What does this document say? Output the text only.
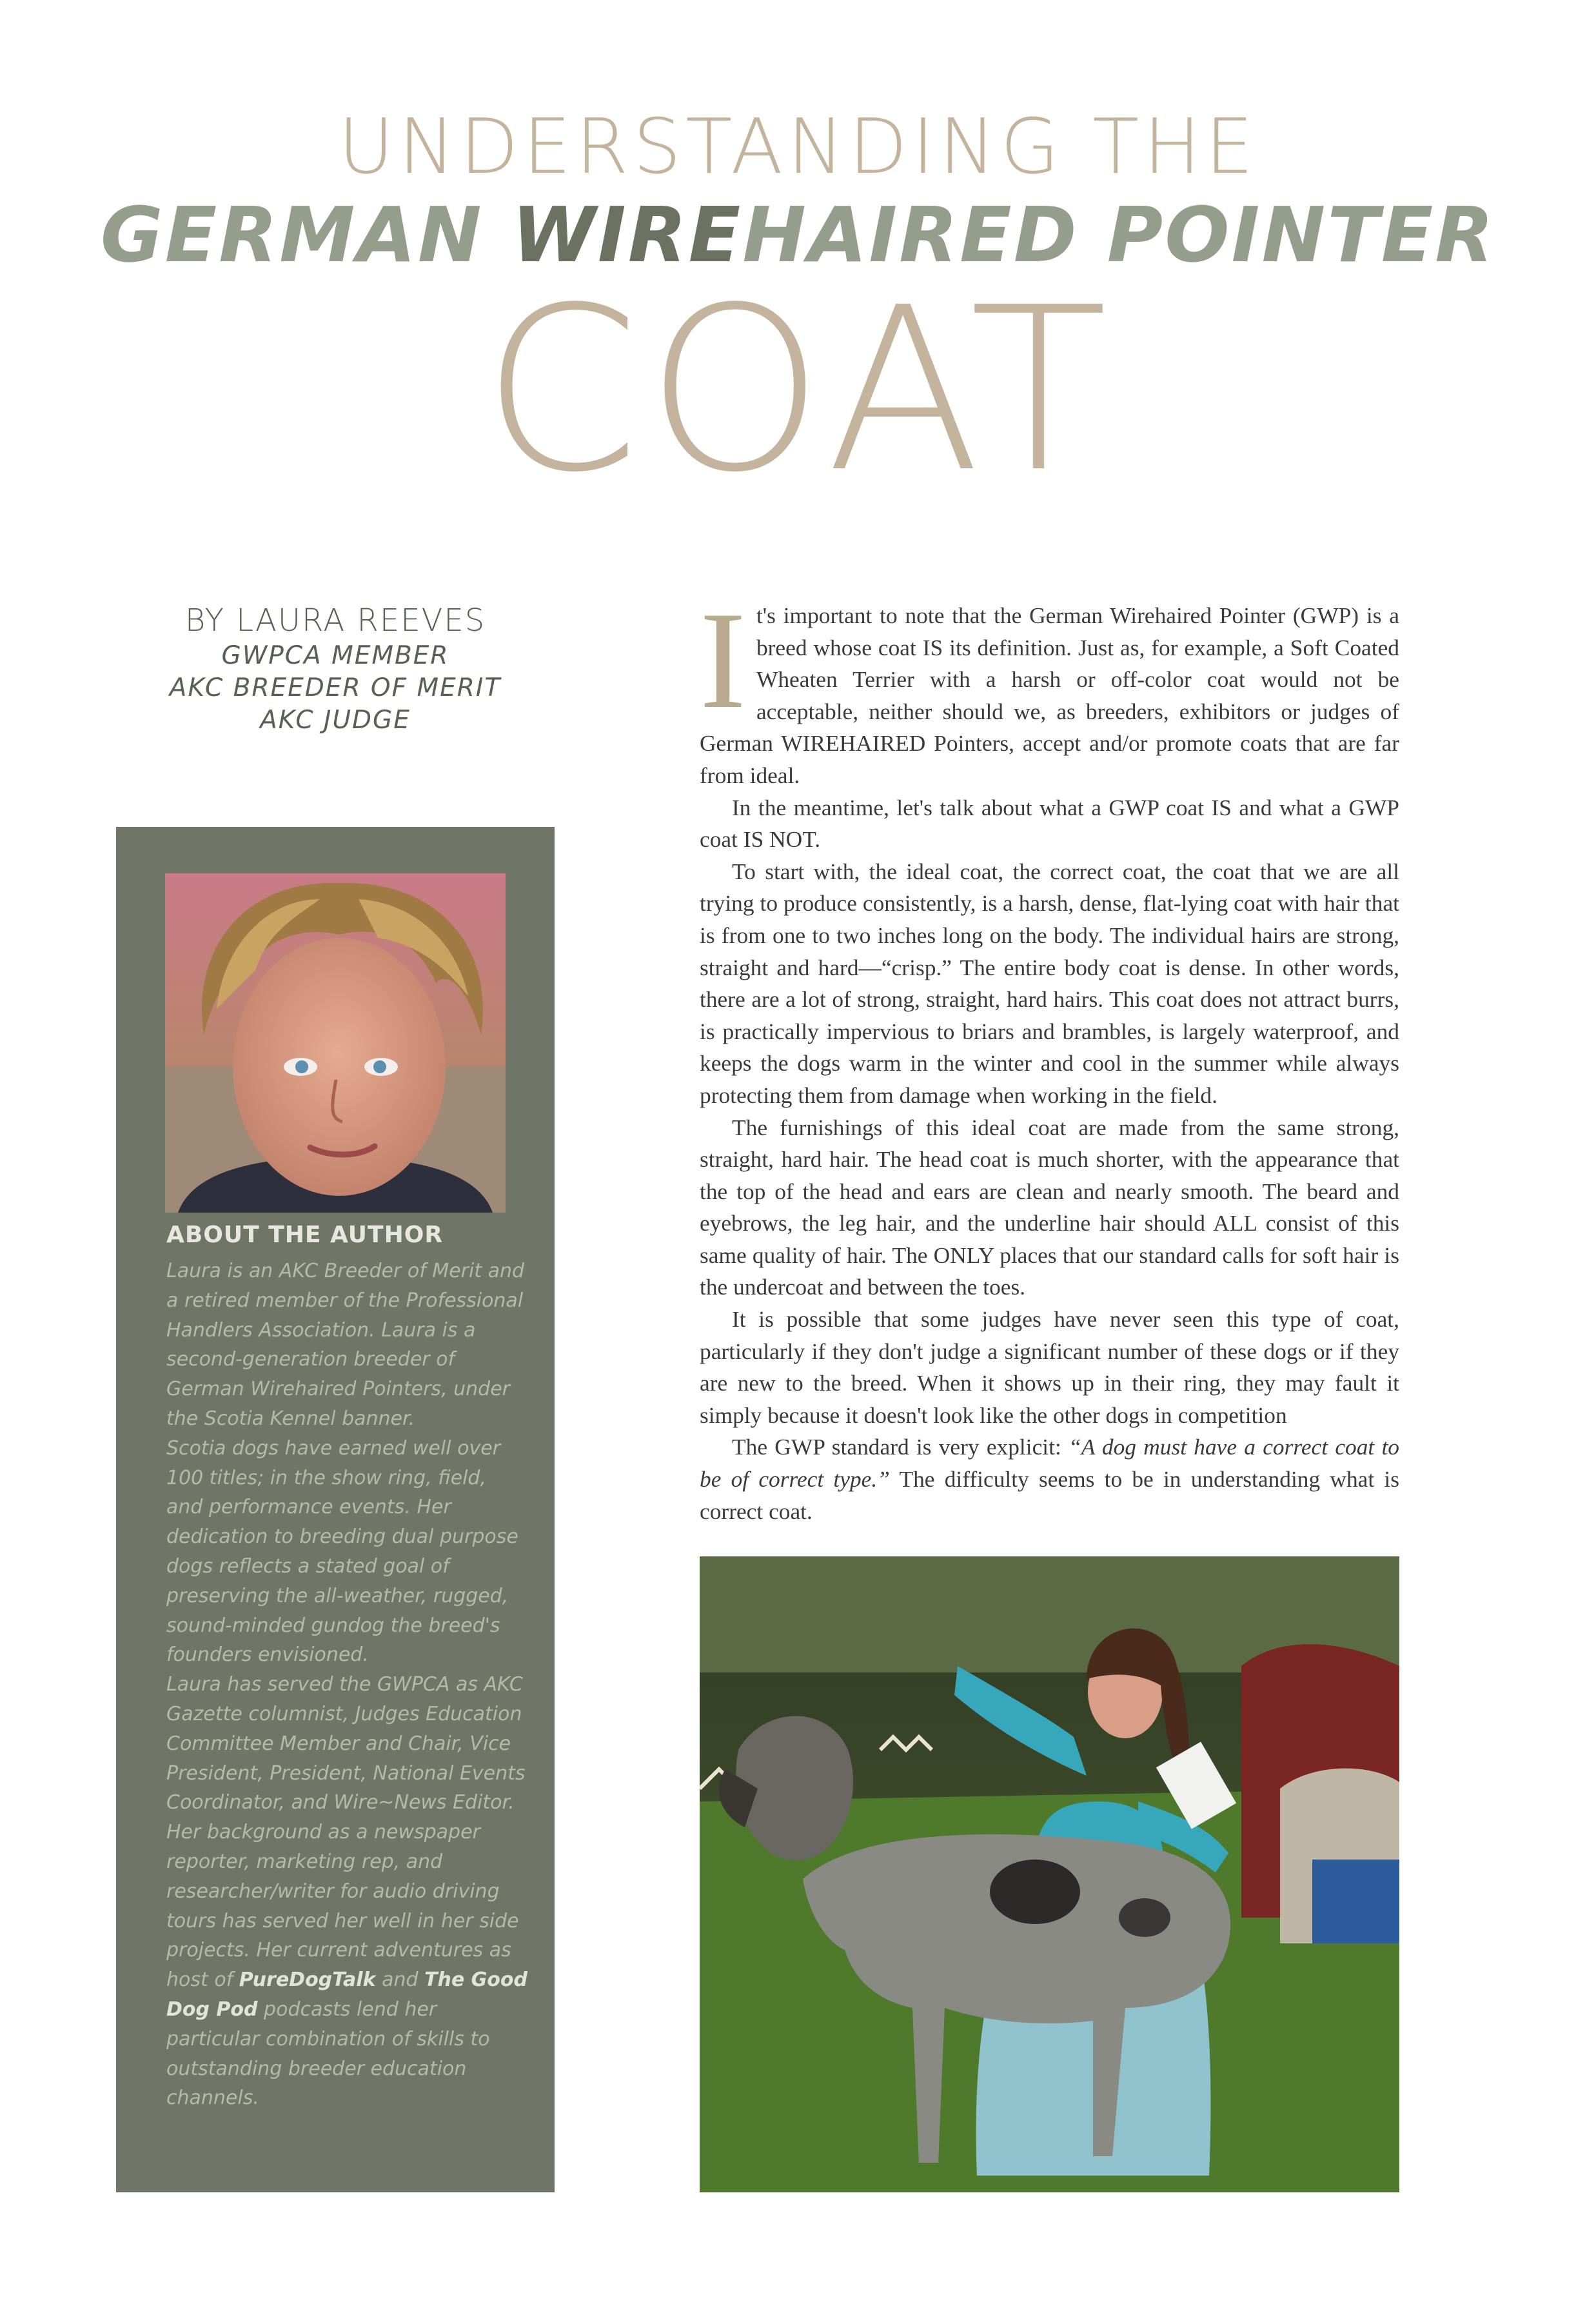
UNDERSTANDING THE
GERMAN WIREHAIRED POINTER
COAT
BY LAURA REEVES
GWPCA MEMBER
AKC BREEDER OF MERIT
AKC JUDGE
ABOUT THE AUTHOR

Laura is an AKC Breeder of Merit and a retired member of the Professional Handlers Association. Laura is a second-generation breeder of German Wirehaired Pointers, under the Scotia Kennel banner.

Scotia dogs have earned well over 100 titles; in the show ring, field, and performance events. Her dedication to breeding dual purpose dogs reflects a stated goal of preserving the all-weather, rugged, sound-minded gundog the breed's founders envisioned.

Laura has served the GWPCA as AKC Gazette columnist, Judges Education Committee Member and Chair, Vice President, President, National Events Coordinator, and Wire~News Editor.

Her background as a newspaper reporter, marketing rep, and researcher/writer for audio driving tours has served her well in her side projects. Her current adventures as host of PureDogTalk and The Good Dog Pod podcasts lend her particular combination of skills to outstanding breeder education channels.

It's important to note that the German Wirehaired Pointer (GWP) is a breed whose coat IS its definition. Just as, for example, a Soft Coated Wheaten Terrier with a harsh or off-color coat would not be acceptable, neither should we, as breeders, exhibitors or judges of German WIREHAIRED Pointers, accept and/or promote coats that are far from ideal.

In the meantime, let's talk about what a GWP coat IS and what a GWP coat IS NOT.

To start with, the ideal coat, the correct coat, the coat that we are all trying to produce consistently, is a harsh, dense, flat-lying coat with hair that is from one to two inches long on the body. The individual hairs are strong, straight and hard—“crisp.” The entire body coat is dense. In other words, there are a lot of strong, straight, hard hairs. This coat does not attract burrs, is practically impervious to briars and brambles, is largely waterproof, and keeps the dogs warm in the winter and cool in the summer while always protecting them from damage when working in the field.

The furnishings of this ideal coat are made from the same strong, straight, hard hair. The head coat is much shorter, with the appearance that the top of the head and ears are clean and nearly smooth. The beard and eyebrows, the leg hair, and the underline hair should ALL consist of this same quality of hair. The ONLY places that our standard calls for soft hair is the undercoat and between the toes.

It is possible that some judges have never seen this type of coat, particularly if they don't judge a significant number of these dogs or if they are new to the breed. When it shows up in their ring, they may fault it simply because it doesn't look like the other dogs in competition

The GWP standard is very explicit: “A dog must have a correct coat to be of correct type.” The difficulty seems to be in understanding what is correct coat.
